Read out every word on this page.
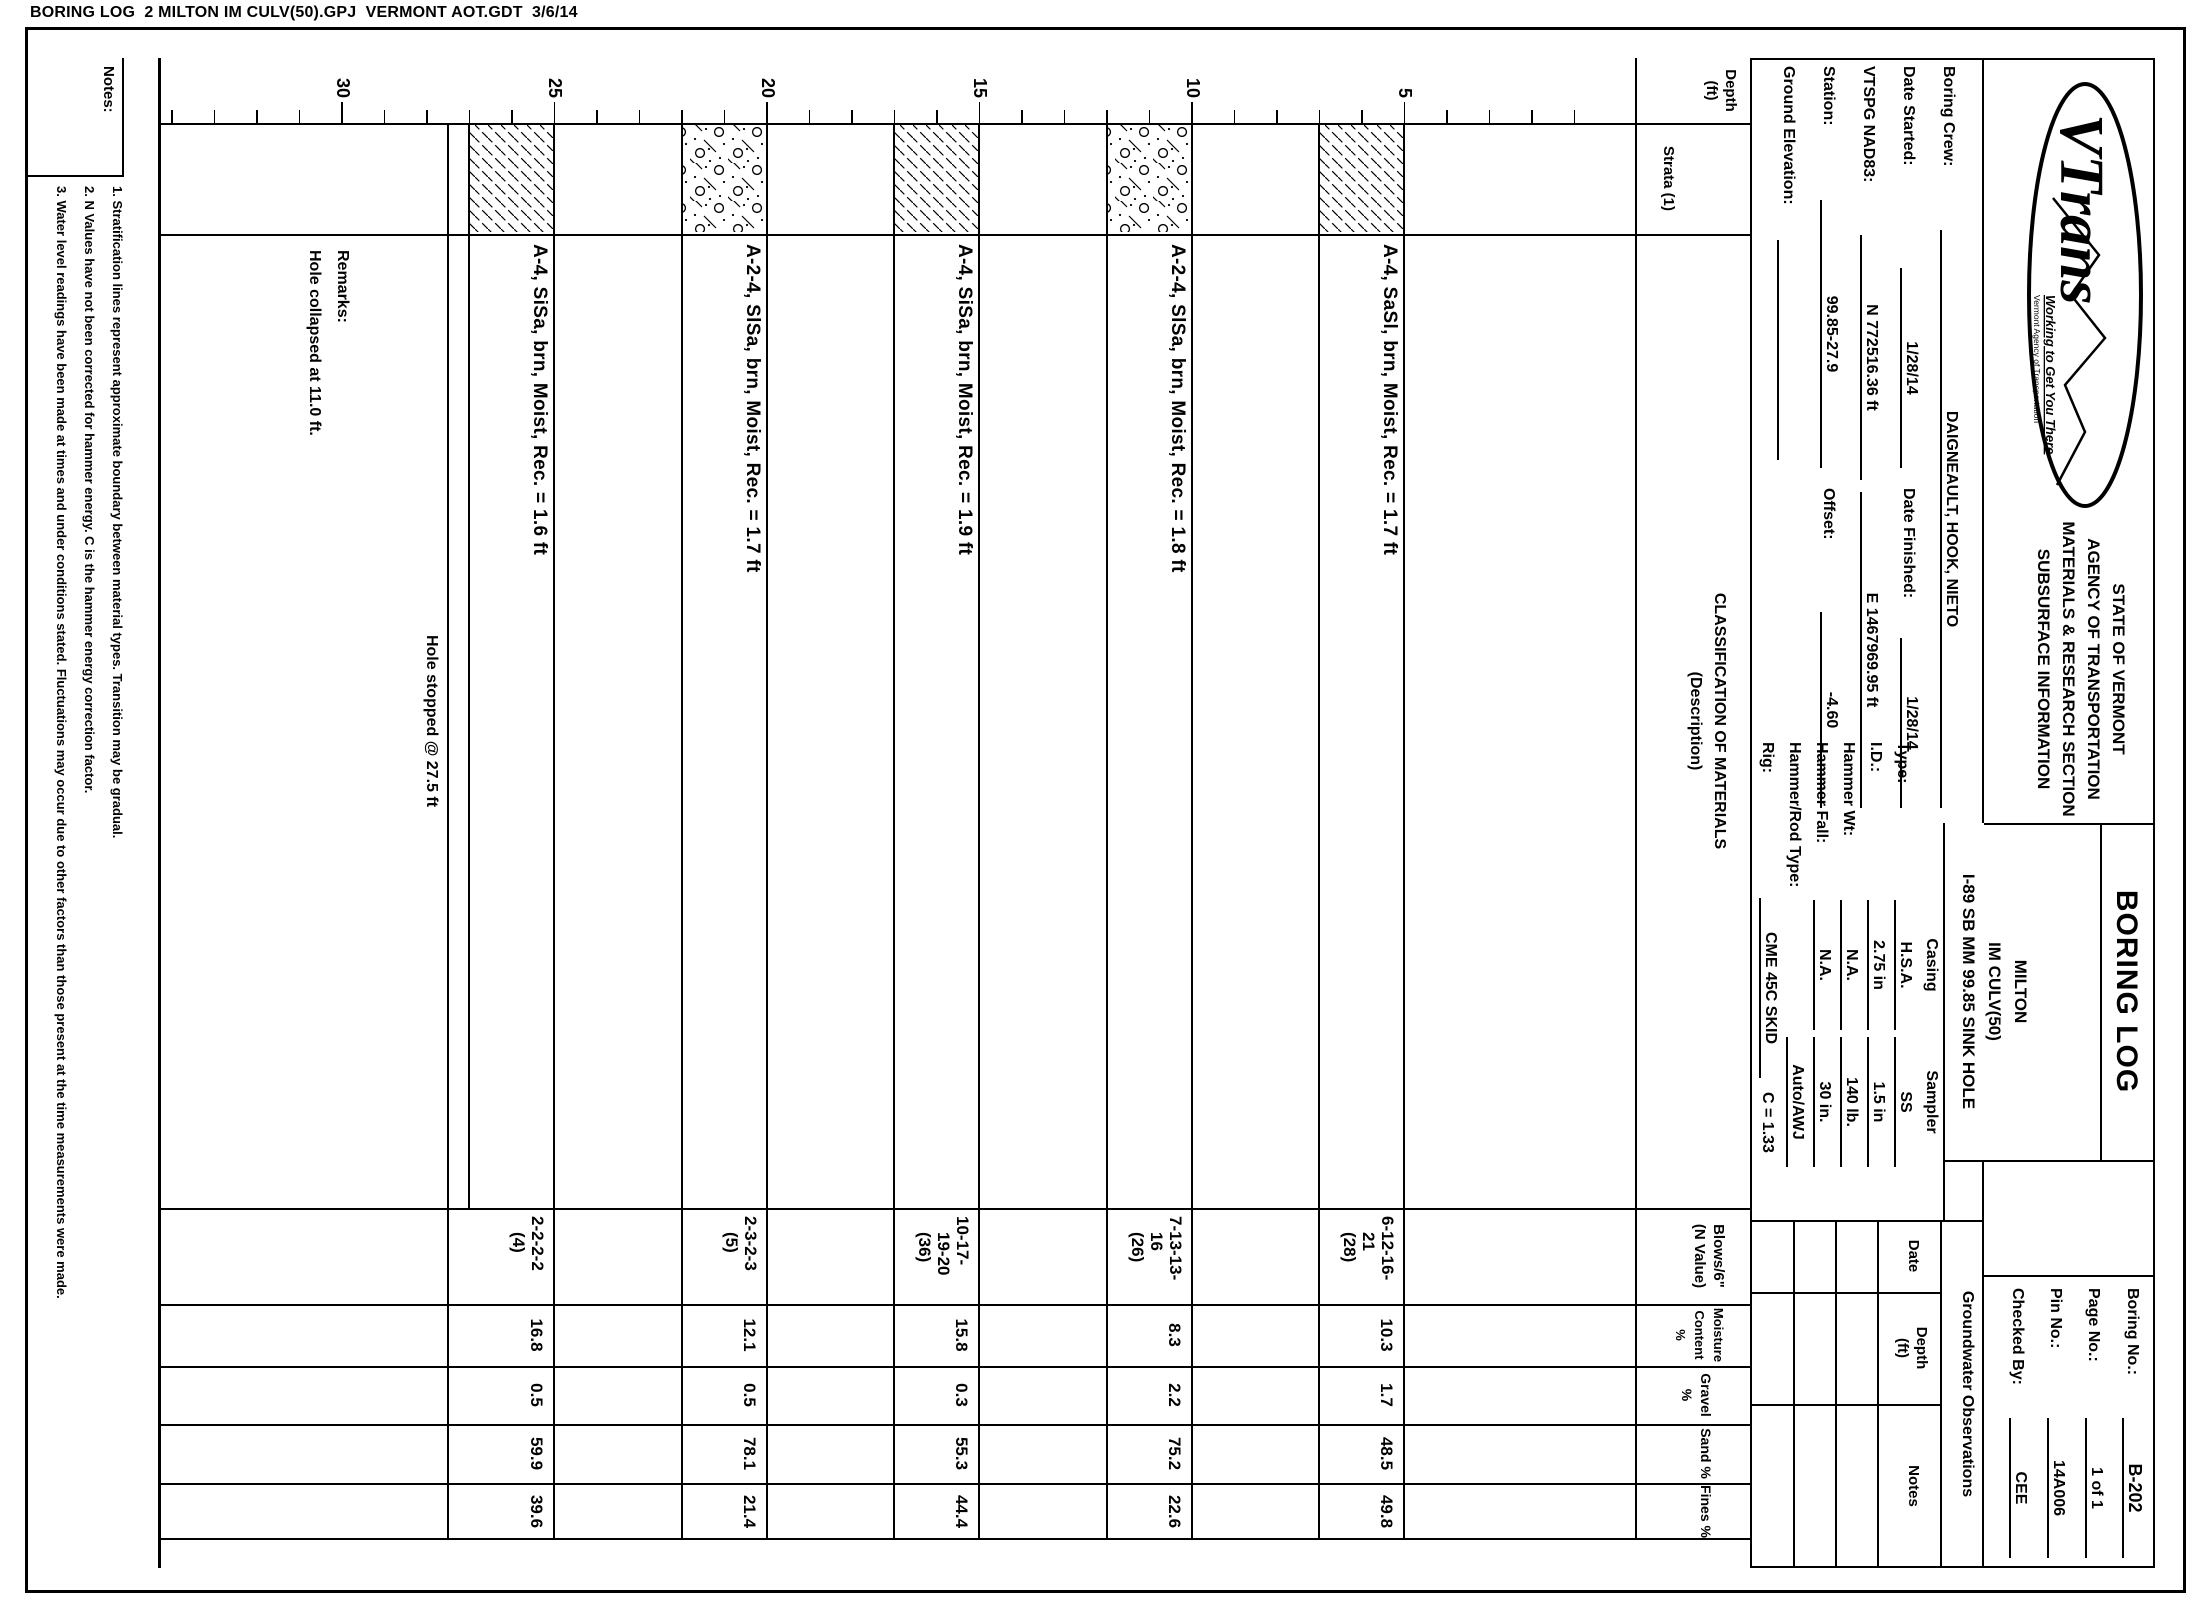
BORING LOG  2 MILTON IM CULV(50).GPJ  VERMONT AOT.GDT  3/6/14
VTrans
Working to Get You There
Vermont Agency of Transportation
STATE OF VERMONT
AGENCY OF TRANSPORTATION
MATERIALS & RESEARCH SECTION
SUBSURFACE INFORMATION
BORING LOG
MILTON
IM CULV(50)
I-89 SB MM 99.85 SINK HOLE
Boring No.:
B-202
Page No.:
1 of 1
Pin No.:
14A006
Checked By:
CEE
Boring Crew:
DAIGNEAULT, HOOK, NIETO
Date Started:
1/28/14
Date Finished:
1/28/14
VTSPG NAD83:
N 772516.36 ft
E 1467969.95 ft
Station:
99.85-27.9
Offset:
-4.60
Ground Elevation:
Casing
Sampler
Type:
H.S.A.
SS
I.D.:
2.75 in
1.5 in
Hammer Wt:
N.A.
140 lb.
Hammer Fall:
N.A.
30 in.
Hammer/Rod Type:
Auto/AWJ
Rig:
CME 45C SKID
C = 1.33
Groundwater Observations
Date
Depth
(ft)
Notes
Depth
(ft)
Strata (1)
CLASSIFICATION OF MATERIALS
(Description)
Blows/6"
(N Value)
Moisture
Content %
Gravel %
Sand %
Fines %
5
10
15
20
25
30
A-4, SaSl, brn, Moist, Rec. = 1.7 ft
6-12-16-
21
(28)
10.3
1.7
48.5
49.8
A-2-4, SlSa, brn, Moist, Rec. = 1.8 ft
7-13-13-
16
(26)
8.3
2.2
75.2
22.6
A-4, SiSa, brn, Moist, Rec. = 1.9 ft
10-17-
19-20
(36)
15.8
0.3
55.3
44.4
A-2-4, SlSa, brn, Moist, Rec. = 1.7 ft
2-3-2-3
(5)
12.1
0.5
78.1
21.4
A-4, SiSa, brn, Moist, Rec. = 1.6 ft
2-2-2-2
(4)
16.8
0.5
59.9
39.6
Remarks:
Hole collapsed at 11.0 ft.
Hole stopped @ 27.5 ft
Notes:
1. Stratification lines represent approximate boundary between material types. Transition may be gradual.
2. N Values have not been corrected for hammer energy. C is the hammer energy correction factor.
3. Water level readings have been made at times and under conditions stated. Fluctuations may occur due to other factors than those present at the time measurements were made.
